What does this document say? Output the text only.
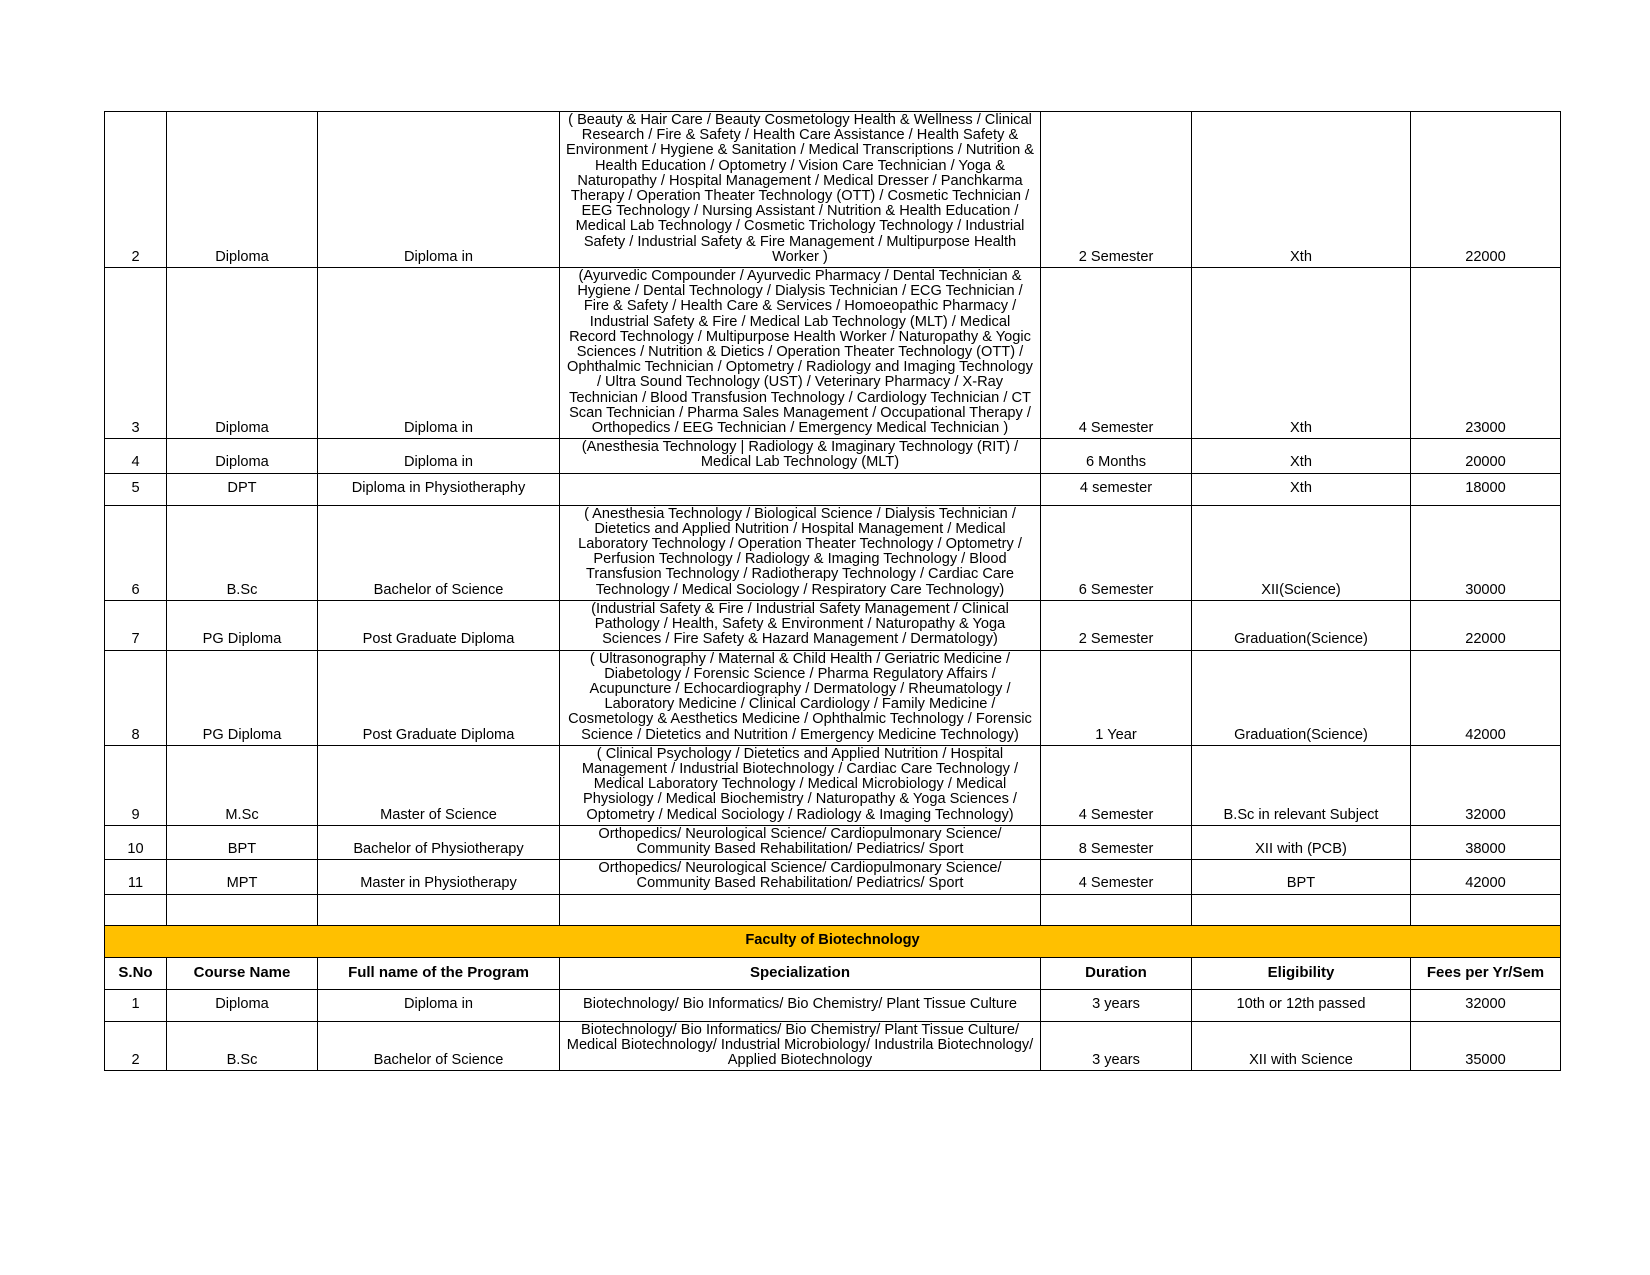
2	Diploma	Diploma in	( Beauty & Hair Care / Beauty Cosmetology Health & Wellness / Clinical Research / Fire & Safety / Health Care Assistance / Health Safety & Environment / Hygiene & Sanitation / Medical Transcriptions / Nutrition & Health Education / Optometry / Vision Care Technician / Yoga & Naturopathy / Hospital Management / Medical Dresser / Panchkarma Therapy / Operation Theater Technology (OTT) / Cosmetic Technician / EEG Technology / Nursing Assistant / Nutrition & Health Education / Medical Lab Technology / Cosmetic Trichology Technology / Industrial Safety / Industrial Safety & Fire Management / Multipurpose Health Worker )	2 Semester	Xth	22000
3	Diploma	Diploma in	(Ayurvedic Compounder / Ayurvedic Pharmacy / Dental Technician & Hygiene / Dental Technology / Dialysis Technician / ECG Technician / Fire & Safety / Health Care & Services / Homoeopathic Pharmacy / Industrial Safety & Fire / Medical Lab Technology (MLT) / Medical Record Technology / Multipurpose Health Worker / Naturopathy & Yogic Sciences / Nutrition & Dietics / Operation Theater Technology (OTT) / Ophthalmic Technician / Optometry / Radiology and Imaging Technology / Ultra Sound Technology (UST) / Veterinary Pharmacy / X-Ray Technician / Blood Transfusion Technology / Cardiology Technician / CT Scan Technician / Pharma Sales Management / Occupational Therapy / Orthopedics / EEG Technician / Emergency Medical Technician )	4 Semester	Xth	23000
4	Diploma	Diploma in	(Anesthesia Technology | Radiology & Imaginary Technology (RIT) / Medical Lab Technology (MLT)	6 Months	Xth	20000
5	DPT	Diploma in Physiotheraphy		4 semester	Xth	18000
6	B.Sc	Bachelor of Science	( Anesthesia Technology / Biological Science / Dialysis Technician / Dietetics and Applied Nutrition / Hospital Management / Medical Laboratory Technology / Operation Theater Technology / Optometry / Perfusion Technology / Radiology & Imaging Technology / Blood Transfusion Technology / Radiotherapy Technology / Cardiac Care Technology / Medical Sociology / Respiratory Care Technology)	6 Semester	XII(Science)	30000
7	PG Diploma	Post Graduate Diploma	(Industrial Safety & Fire / Industrial Safety Management / Clinical Pathology / Health, Safety & Environment / Naturopathy & Yoga Sciences / Fire Safety & Hazard Management / Dermatology)	2 Semester	Graduation(Science)	22000
8	PG Diploma	Post Graduate Diploma	( Ultrasonography / Maternal & Child Health / Geriatric Medicine / Diabetology / Forensic Science / Pharma Regulatory Affairs / Acupuncture / Echocardiography / Dermatology / Rheumatology / Laboratory Medicine / Clinical Cardiology / Family Medicine / Cosmetology & Aesthetics Medicine / Ophthalmic Technology / Forensic Science / Dietetics and Nutrition / Emergency Medicine Technology)	1 Year	Graduation(Science)	42000
9	M.Sc	Master of Science	( Clinical Psychology / Dietetics and Applied Nutrition / Hospital Management / Industrial Biotechnology / Cardiac Care Technology / Medical Laboratory Technology / Medical Microbiology / Medical Physiology / Medical Biochemistry / Naturopathy & Yoga Sciences / Optometry / Medical Sociology / Radiology & Imaging Technology)	4 Semester	B.Sc in relevant Subject	32000
10	BPT	Bachelor of Physiotherapy	Orthopedics/ Neurological Science/ Cardiopulmonary Science/ Community Based Rehabilitation/ Pediatrics/ Sport	8 Semester	XII with (PCB)	38000
11	MPT	Master in Physiotherapy	Orthopedics/ Neurological Science/ Cardiopulmonary Science/ Community Based Rehabilitation/ Pediatrics/ Sport	4 Semester	BPT	42000

Faculty of Biotechnology						
S.No	Course Name	Full name of the Program	Specialization	Duration	Eligibility	Fees per Yr/Sem
1	Diploma	Diploma in	Biotechnology/ Bio Informatics/ Bio Chemistry/ Plant Tissue Culture	3 years	10th or 12th passed	32000
2	B.Sc	Bachelor of Science	Biotechnology/ Bio Informatics/ Bio Chemistry/ Plant Tissue Culture/ Medical Biotechnology/ Industrial Microbiology/ Industrila Biotechnology/ Applied Biotechnology	3 years	XII with Science	35000
